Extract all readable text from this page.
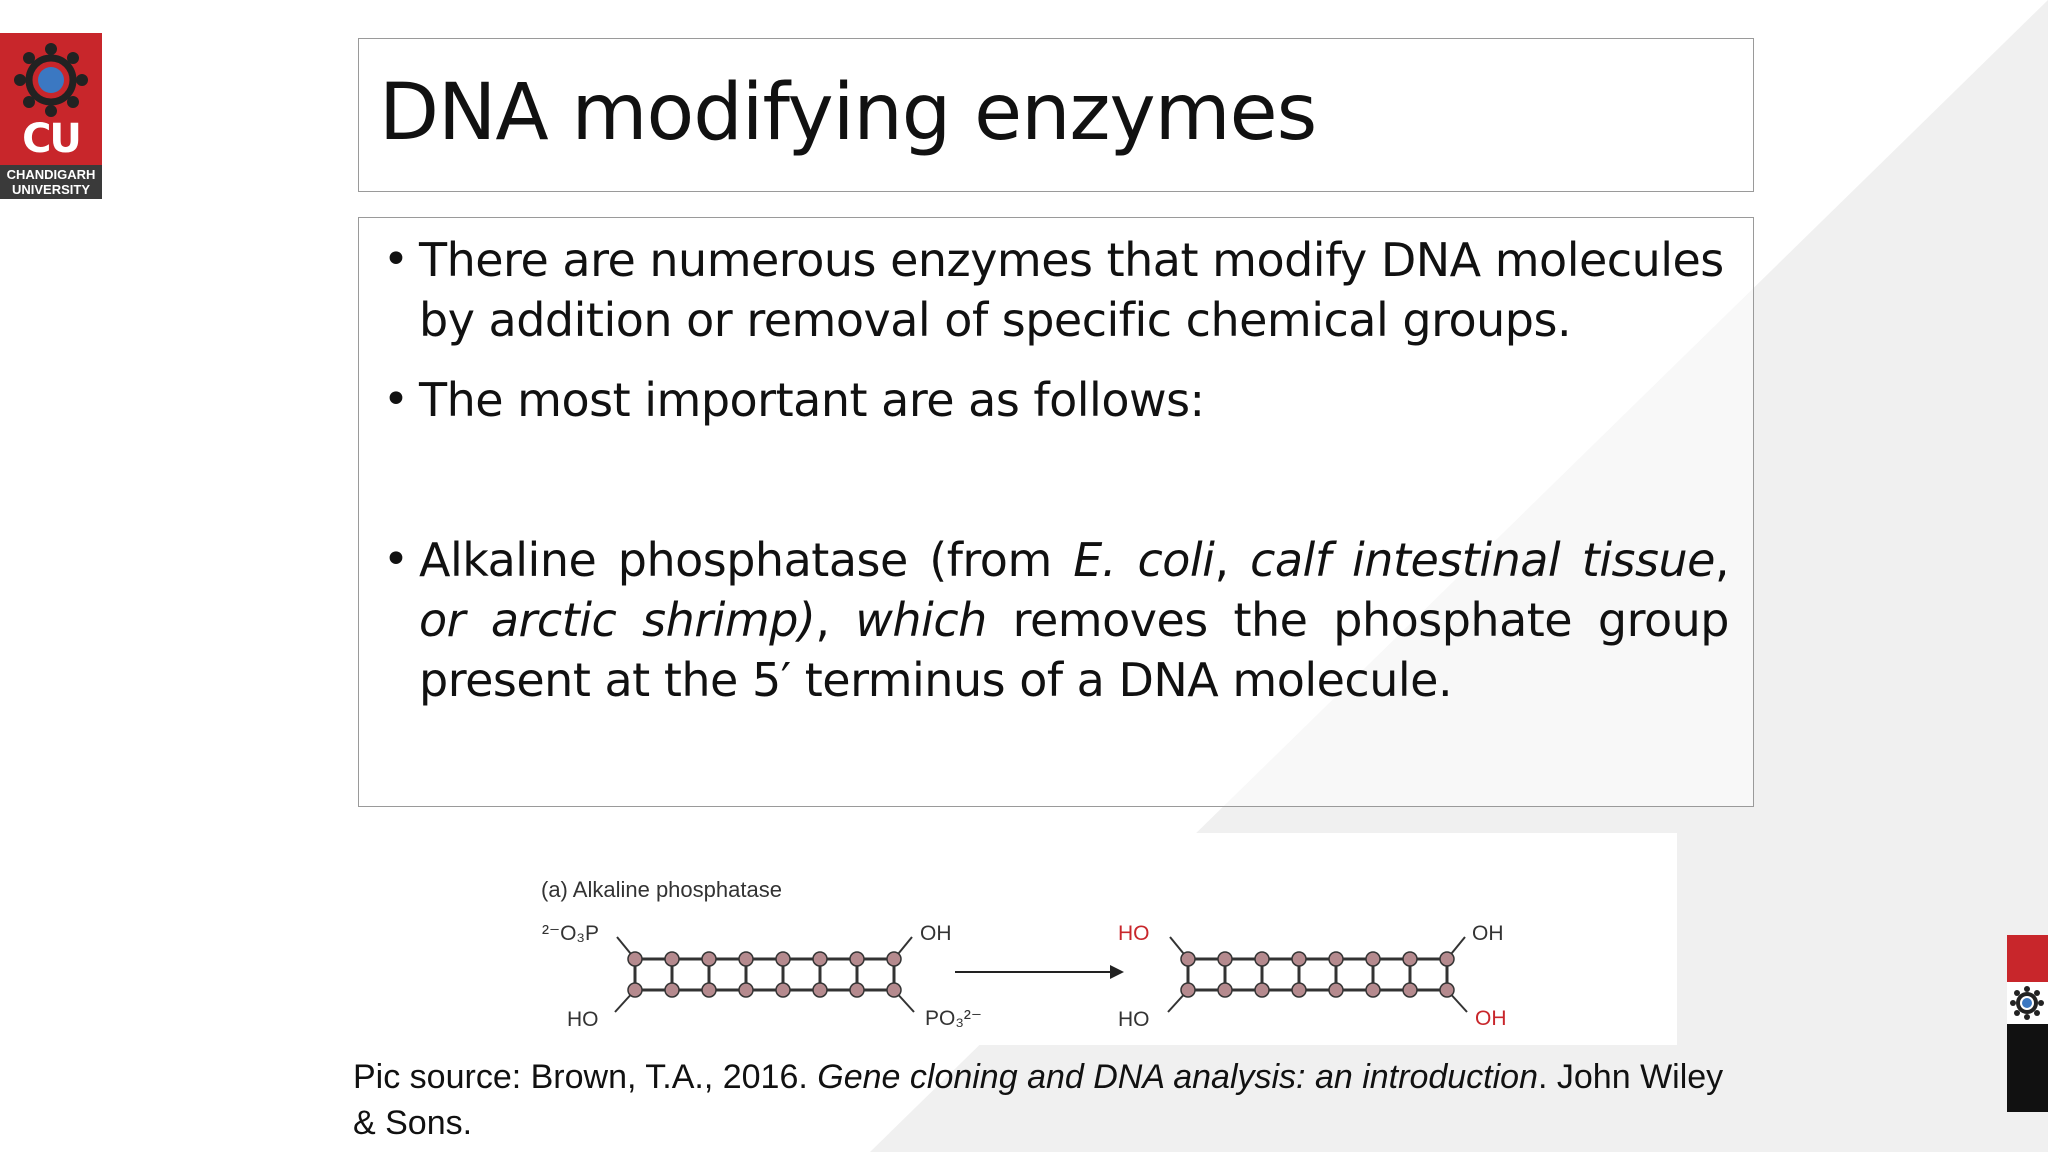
CU
CHANDIGARH
UNIVERSITY
DNA modifying enzymes
• There are numerous enzymes that modify DNA molecules by addition or removal of specific chemical groups.
• The most important are as follows:
• Alkaline phosphatase (from E. coli, calf intestinal tissue, or arctic shrimp), which removes the phosphate group present at the 5′ terminus of a DNA molecule.
(a) Alkaline phosphatase
²⁻O₃P	OH
HO	PO₃²⁻
HO	OH
HO	OH
Pic source: Brown, T.A., 2016. Gene cloning and DNA analysis: an introduction. John Wiley & Sons.
